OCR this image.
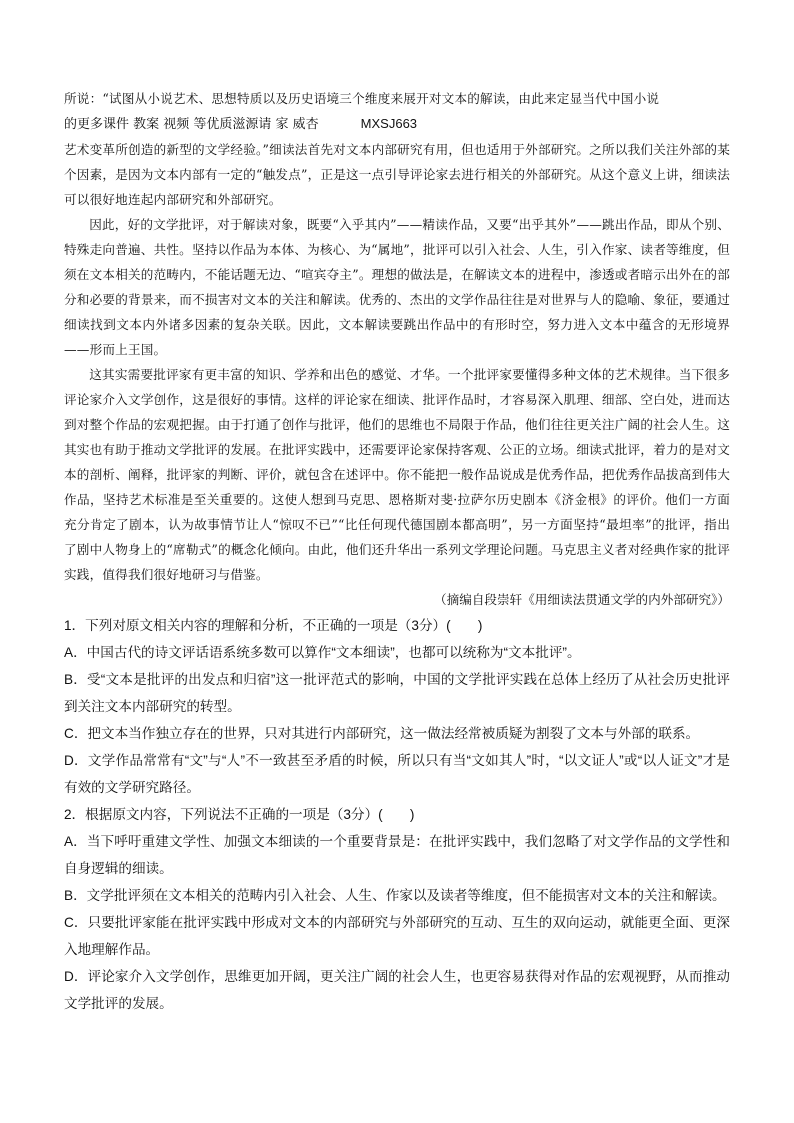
所说：“试图从小说艺术、思想特质以及历史语境三个维度来展开对文本的解读，由此来定显当代中国小说

的更多课件 教案 视频 等优质滋源请 家 威杏	MXSJ663

艺术变革所创造的新型的文学经验。”细读法首先对文本内部研究有用，但也适用于外部研究。之所以我们关注外部的某个因素，是因为文本内部有一定的“触发点”，正是这一点引导评论家去进行相关的外部研究。从这个意义上讲，细读法可以很好地连起内部研究和外部研究。

因此，好的文学批评，对于解读对象，既要“入乎其内”——精读作品，又要“出乎其外”——跳出作品，即从个别、特殊走向普遍、共性。坚持以作品为本体、为核心、为“属地”，批评可以引入社会、人生，引入作家、读者等维度，但须在文本相关的范畴内，不能话题无边、“喧宾夺主”。理想的做法是，在解读文本的进程中，渗透或者暗示出外在的部分和必要的背景来，而不损害对文本的关注和解读。优秀的、杰出的文学作品往往是对世界与人的隐喻、象征，要通过细读找到文本内外诸多因素的复杂关联。因此，文本解读要跳出作品中的有形时空，努力进入文本中蕴含的无形境界——形而上王国。

这其实需要批评家有更丰富的知识、学养和出色的感觉、才华。一个批评家要懂得多种文体的艺术规律。当下很多评论家介入文学创作，这是很好的事情。这样的评论家在细读、批评作品时，才容易深入肌理、细部、空白处，进而达到对整个作品的宏观把握。由于打通了创作与批评，他们的思维也不局限于作品，他们往往更关注广阔的社会人生。这其实也有助于推动文学批评的发展。在批评实践中，还需要评论家保持客观、公正的立场。细读式批评，着力的是对文本的剖析、阐释，批评家的判断、评价，就包含在述评中。你不能把一般作品说成是优秀作品，把优秀作品拔高到伟大作品，坚持艺术标准是至关重要的。这使人想到马克思、恩格斯对斐·拉萨尔历史剧本《济金根》的评价。他们一方面充分肯定了剧本，认为故事情节让人“惊叹不已”“比任何现代德国剧本都高明”，另一方面坚持“最坦率”的批评，指出了剧中人物身上的“席勒式”的概念化倾向。由此，他们还升华出一系列文学理论问题。马克思主义者对经典作家的批评实践，值得我们很好地研习与借鉴。

（摘编自段崇轩《用细读法贯通文学的内外部研究》）

1．下列对原文相关内容的理解和分析，不正确的一项是（3分）(　　)

A．中国古代的诗文评话语系统多数可以算作“文本细读”，也都可以统称为“文本批评”。

B．受“文本是批评的出发点和归宿”这一批评范式的影响，中国的文学批评实践在总体上经历了从社会历史批评到关注文本内部研究的转型。

C．把文本当作独立存在的世界，只对其进行内部研究，这一做法经常被质疑为割裂了文本与外部的联系。

D．文学作品常常有“文”与“人”不一致甚至矛盾的时候，所以只有当“文如其人”时，“以文证人”或“以人证文”才是有效的文学研究路径。

2．根据原文内容，下列说法不正确的一项是（3分）(　　)

A．当下呼吁重建文学性、加强文本细读的一个重要背景是：在批评实践中，我们忽略了对文学作品的文学性和自身逻辑的细读。

B．文学批评须在文本相关的范畴内引入社会、人生、作家以及读者等维度，但不能损害对文本的关注和解读。

C．只要批评家能在批评实践中形成对文本的内部研究与外部研究的互动、互生的双向运动，就能更全面、更深入地理解作品。

D．评论家介入文学创作，思维更加开阔，更关注广阔的社会人生，也更容易获得对作品的宏观视野，从而推动文学批评的发展。
